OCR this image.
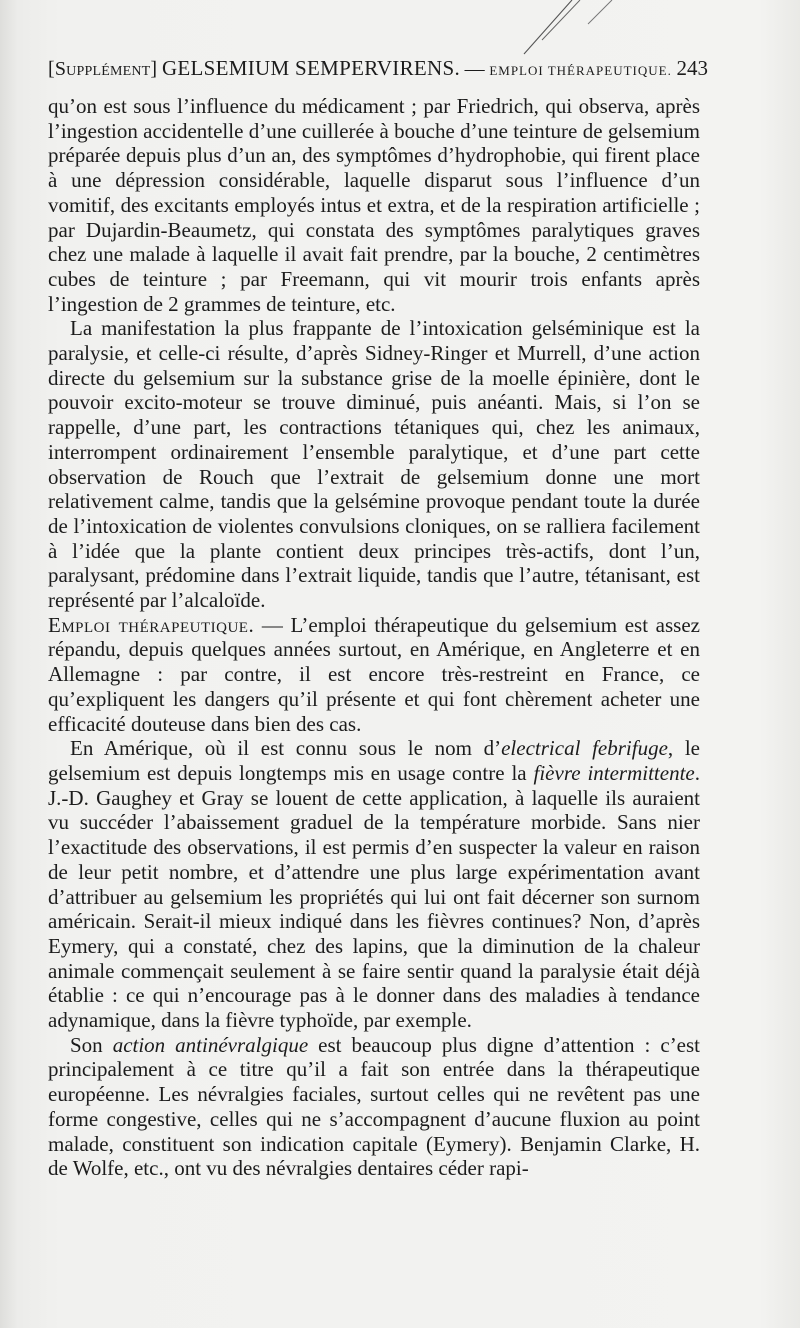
[Supplément] GELSEMIUM SEMPERVIRENS. — EMPLOI THÉRAPEUTIQUE. 243

qu’on est sous l’influence du médicament ; par Friedrich, qui observa, après l’ingestion accidentelle d’une cuillerée à bouche d’une teinture de gelsemium préparée depuis plus d’un an, des symptômes d’hydrophobie, qui firent place à une dépression considérable, laquelle disparut sous l’influence d’un vomitif, des excitants employés intus et extra, et de la respiration artificielle ; par Dujardin-Beaumetz, qui constata des symptômes paralytiques graves chez une malade à laquelle il avait fait prendre, par la bouche, 2 centimètres cubes de teinture ; par Freemann, qui vit mourir trois enfants après l’ingestion de 2 grammes de teinture, etc.

La manifestation la plus frappante de l’intoxication gelséminique est la paralysie, et celle-ci résulte, d’après Sidney-Ringer et Murrell, d’une action directe du gelsemium sur la substance grise de la moelle épinière, dont le pouvoir excito-moteur se trouve diminué, puis anéanti. Mais, si l’on se rappelle, d’une part, les contractions tétaniques qui, chez les animaux, interrompent ordinairement l’ensemble paralytique, et d’une part cette observation de Rouch que l’extrait de gelsemium donne une mort relativement calme, tandis que la gelsémine provoque pendant toute la durée de l’intoxication de violentes convulsions cloniques, on se ralliera facilement à l’idée que la plante contient deux principes très-actifs, dont l’un, paralysant, prédomine dans l’extrait liquide, tandis que l’autre, tétanisant, est représenté par l’alcaloïde.

Emploi thérapeutique. — L’emploi thérapeutique du gelsemium est assez répandu, depuis quelques années surtout, en Amérique, en Angleterre et en Allemagne : par contre, il est encore très-restreint en France, ce qu’expliquent les dangers qu’il présente et qui font chèrement acheter une efficacité douteuse dans bien des cas.

En Amérique, où il est connu sous le nom d’electrical febrifuge, le gelsemium est depuis longtemps mis en usage contre la fièvre intermittente. J.-D. Gaughey et Gray se louent de cette application, à laquelle ils auraient vu succéder l’abaissement graduel de la température morbide. Sans nier l’exactitude des observations, il est permis d’en suspecter la valeur en raison de leur petit nombre, et d’attendre une plus large expérimentation avant d’attribuer au gelsemium les propriétés qui lui ont fait décerner son surnom américain. Serait-il mieux indiqué dans les fièvres continues? Non, d’après Eymery, qui a constaté, chez des lapins, que la diminution de la chaleur animale commençait seulement à se faire sentir quand la paralysie était déjà établie : ce qui n’encourage pas à le donner dans des maladies à tendance adynamique, dans la fièvre typhoïde, par exemple.

Son action antinévralgique est beaucoup plus digne d’attention : c’est principalement à ce titre qu’il a fait son entrée dans la thérapeutique européenne. Les névralgies faciales, surtout celles qui ne revêtent pas une forme congestive, celles qui ne s’accompagnent d’aucune fluxion au point malade, constituent son indication capitale (Eymery). Benjamin Clarke, H. de Wolfe, etc., ont vu des névralgies dentaires céder rapi-
